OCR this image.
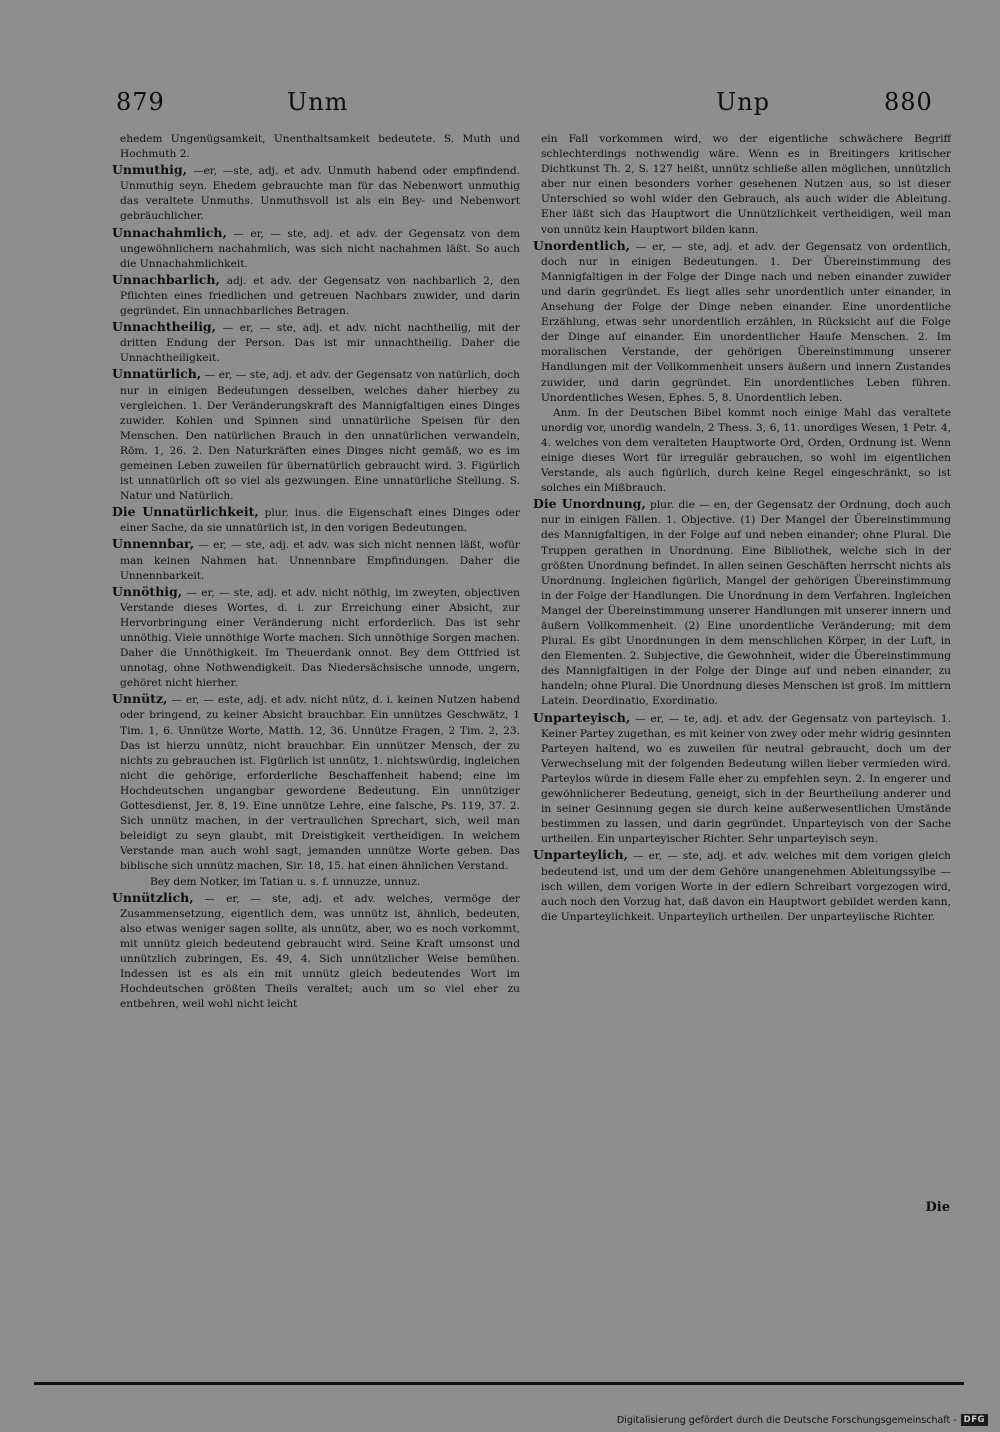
879	Unm	Unp	880

ehedem Ungenügsamkeit, Unenthaltsamkeit bedeutete. S. Muth und Hochmuth 2.

Unmuthig, —er, —ste, adj. et adv. Unmuth habend oder empfindend. Unmuthig seyn. Ehedem gebrauchte man für das Nebenwort unmuthig das veraltete Unmuths. Unmuthsvoll ist als ein Bey- und Nebenwort gebräuchlicher.

Unnachahmlich, — er, — ste, adj. et adv. der Gegensatz von dem ungewöhnlichern nachahmlich, was sich nicht nachahmen läßt. So auch die Unnachahmlichkeit.

Unnachbarlich, adj. et adv. der Gegensatz von nachbarlich 2, den Pflichten eines friedlichen und getreuen Nachbars zuwider, und darin gegründet. Ein unnachbarliches Betragen.

Unnachtheilig, — er, — ste, adj. et adv. nicht nachtheilig, mit der dritten Endung der Person. Das ist mir unnachtheilig. Daher die Unnachtheiligkeit.

Unnatürlich, — er, — ste, adj. et adv. der Gegensatz von natürlich, doch nur in einigen Bedeutungen desselben, welches daher hierbey zu vergleichen. 1. Der Veränderungskraft des Mannigfaltigen eines Dinges zuwider. Kohlen und Spinnen sind unnatürliche Speisen für den Menschen. Den natürlichen Brauch in den unnatürlichen verwandeln, Röm. 1, 26. 2. Den Naturkräften eines Dinges nicht gemäß, wo es im gemeinen Leben zuweilen für übernatürlich gebraucht wird. 3. Figürlich ist unnatürlich oft so viel als gezwungen. Eine unnatürliche Stellung. S. Natur und Natürlich.

Die Unnatürlichkeit, plur. inus. die Eigenschaft eines Dinges oder einer Sache, da sie unnatürlich ist, in den vorigen Bedeutungen.

Unnennbar, — er, — ste, adj. et adv. was sich nicht nennen läßt, wofür man keinen Nahmen hat. Unnennbare Empfindungen. Daher die Unnennbarkeit.

Unnöthig, — er, — ste, adj. et adv. nicht nöthig, im zweyten, objectiven Verstande dieses Wortes, d. i. zur Erreichung einer Absicht, zur Hervorbringung einer Veränderung nicht erforderlich. Das ist sehr unnöthig. Viele unnöthige Worte machen. Sich unnöthige Sorgen machen. Daher die Unnöthigkeit. Im Theuerdank onnot. Bey dem Ottfried ist unnotag, ohne Nothwendigkeit. Das Niedersächsische unnode, ungern, gehöret nicht hierher.

Unnütz, — er, — este, adj. et adv. nicht nütz, d. i. keinen Nutzen habend oder bringend, zu keiner Absicht brauchbar. Ein unnützes Geschwätz, 1 Tim. 1, 6. Unnütze Worte, Matth. 12, 36. Unnütze Fragen, 2 Tim. 2, 23. Das ist hierzu unnütz, nicht brauchbar. Ein unnützer Mensch, der zu nichts zu gebrauchen ist. Figürlich ist unnütz, 1. nichtswürdig, ingleichen nicht die gehörige, erforderliche Beschaffenheit habend; eine im Hochdeutschen ungangbar gewordene Bedeutung. Ein unnütziger Gottesdienst, Jer. 8, 19. Eine unnütze Lehre, eine falsche, Ps. 119, 37. 2. Sich unnütz machen, in der vertraulichen Sprechart, sich, weil man beleidigt zu seyn glaubt, mit Dreistigkeit vertheidigen. In welchem Verstande man auch wohl sagt, jemanden unnütze Worte geben. Das biblische sich unnütz machen, Sir. 18, 15. hat einen ähnlichen Verstand.

Bey dem Notker, im Tatian u. s. f. unnuzze, unnuz.

Unnützlich, — er, — ste, adj. et adv. welches, vermöge der Zusammensetzung, eigentlich dem, was unnütz ist, ähnlich, bedeuten, also etwas weniger sagen sollte, als unnütz, aber, wo es noch vorkommt, mit unnütz gleich bedeutend gebraucht wird. Seine Kraft umsonst und unnützlich zubringen, Es. 49, 4. Sich unnützlicher Weise bemühen. Indessen ist es als ein mit unnütz gleich bedeutendes Wort im Hochdeutschen größten Theils veraltet; auch um so viel eher zu entbehren, weil wohl nicht leicht

ein Fall vorkommen wird, wo der eigentliche schwächere Begriff schlechterdings nothwendig wäre. Wenn es in Breitingers kritischer Dichtkunst Th. 2, S. 127 heißt, unnütz schließe allen möglichen, unnützlich aber nur einen besonders vorher gesehenen Nutzen aus, so ist dieser Unterschied so wohl wider den Gebrauch, als auch wider die Ableitung. Eher läßt sich das Hauptwort die Unnützlichkeit vertheidigen, weil man von unnütz kein Hauptwort bilden kann.

Unordentlich, — er, — ste, adj. et adv. der Gegensatz von ordentlich, doch nur in einigen Bedeutungen. 1. Der Übereinstimmung des Mannigfaltigen in der Folge der Dinge nach und neben einander zuwider und darin gegründet. Es liegt alles sehr unordentlich unter einander, in Ansehung der Folge der Dinge neben einander. Eine unordentliche Erzählung, etwas sehr unordentlich erzählen, in Rücksicht auf die Folge der Dinge auf einander. Ein unordentlicher Haufe Menschen. 2. Im moralischen Verstande, der gehörigen Übereinstimmung unserer Handlungen mit der Vollkommenheit unsers äußern und innern Zustandes zuwider, und darin gegründet. Ein unordentliches Leben führen. Unordentliches Wesen, Ephes. 5, 8. Unordentlich leben.

Anm. In der Deutschen Bibel kommt noch einige Mahl das veraltete unordig vor, unordig wandeln, 2 Thess. 3, 6, 11. unordiges Wesen, 1 Petr. 4, 4. welches von dem veralteten Hauptworte Ord, Orden, Ordnung ist. Wenn einige dieses Wort für irregulär gebrauchen, so wohl im eigentlichen Verstande, als auch figürlich, durch keine Regel eingeschränkt, so ist solches ein Mißbrauch.

Die Unordnung, plur. die — en, der Gegensatz der Ordnung, doch auch nur in einigen Fällen. 1. Objective. (1) Der Mangel der Übereinstimmung des Mannigfaltigen, in der Folge auf und neben einander; ohne Plural. Die Truppen gerathen in Unordnung. Eine Bibliothek, welche sich in der größten Unordnung befindet. In allen seinen Geschäften herrscht nichts als Unordnung. Ingleichen figürlich, Mangel der gehörigen Übereinstimmung in der Folge der Handlungen. Die Unordnung in dem Verfahren. Ingleichen Mangel der Übereinstimmung unserer Handlungen mit unserer innern und äußern Vollkommenheit. (2) Eine unordentliche Veränderung; mit dem Plural. Es gibt Unordnungen in dem menschlichen Körper, in der Luft, in den Elementen. 2. Subjective, die Gewohnheit, wider die Übereinstimmung des Mannigfaltigen in der Folge der Dinge auf und neben einander, zu handeln; ohne Plural. Die Unordnung dieses Menschen ist groß. Im mittlern Latein. Deordinatio, Exordinatio.

Unparteyisch, — er, — te, adj. et adv. der Gegensatz von parteyisch. 1. Keiner Partey zugethan, es mit keiner von zwey oder mehr widrig gesinnten Parteyen haltend, wo es zuweilen für neutral gebraucht, doch um der Verwechselung mit der folgenden Bedeutung willen lieber vermieden wird. Parteylos würde in diesem Falle eher zu empfehlen seyn. 2. In engerer und gewöhnlicherer Bedeutung, geneigt, sich in der Beurtheilung anderer und in seiner Gesinnung gegen sie durch keine außerwesentlichen Umstände bestimmen zu lassen, und darin gegründet. Unparteyisch von der Sache urtheilen. Ein unparteyischer Richter. Sehr unparteyisch seyn.

Unparteylich, — er, — ste, adj. et adv. welches mit dem vorigen gleich bedeutend ist, und um der dem Gehöre unangenehmen Ableitungssylbe — isch willen, dem vorigen Worte in der edlern Schreibart vorgezogen wird, auch noch den Vorzug hat, daß davon ein Hauptwort gebildet werden kann, die Unparteylichkeit. Unparteylich urtheilen. Der unparteylische Richter.

Die
Digitalisierung gefördert durch die Deutsche Forschungsgemeinschaft - DFG
